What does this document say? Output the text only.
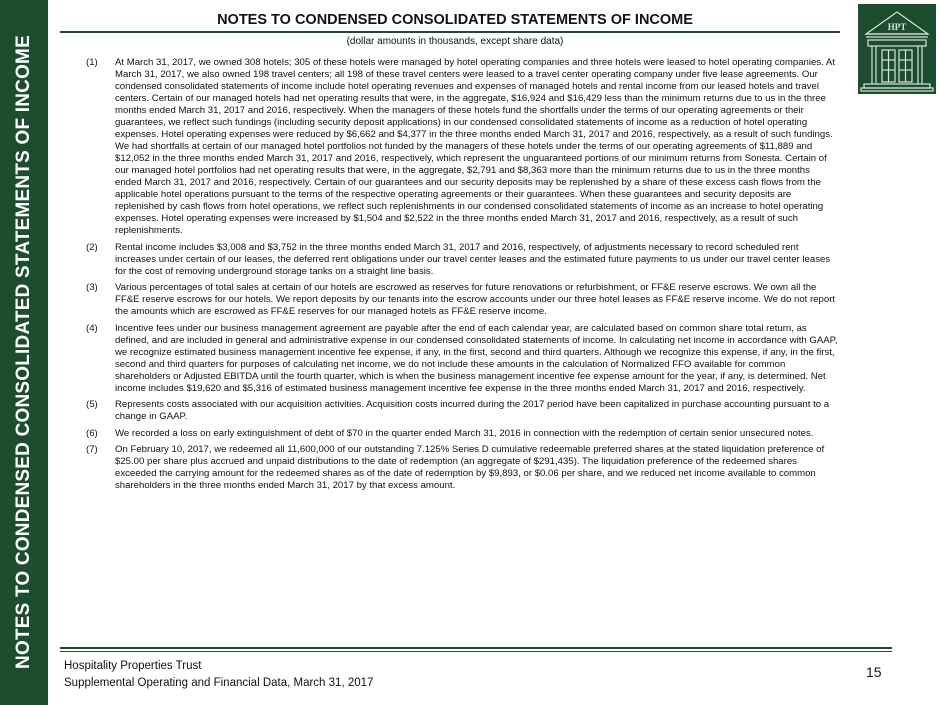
NOTES TO CONDENSED CONSOLIDATED STATEMENTS OF INCOME
NOTES TO CONDENSED CONSOLIDATED STATEMENTS OF INCOME
(dollar amounts in thousands, except share data)
HPT
(1)	At March 31, 2017, we owned 308 hotels; 305 of these hotels were managed by hotel operating companies and three hotels were leased to hotel operating companies. At March 31, 2017, we also owned 198 travel centers; all 198 of these travel centers were leased to a travel center operating company under five lease agreements. Our condensed consolidated statements of income include hotel operating revenues and expenses of managed hotels and rental income from our leased hotels and travel centers. Certain of our managed hotels had net operating results that were, in the aggregate, $16,924 and $16,429 less than the minimum returns due to us in the three months ended March 31, 2017 and 2016, respectively. When the managers of these hotels fund the shortfalls under the terms of our operating agreements or their guarantees, we reflect such fundings (including security deposit applications) in our condensed consolidated statements of income as a reduction of hotel operating expenses. Hotel operating expenses were reduced by $6,662 and $4,377 in the three months ended March 31, 2017 and 2016, respectively, as a result of such fundings. We had shortfalls at certain of our managed hotel portfolios not funded by the managers of these hotels under the terms of our operating agreements of $11,889 and $12,052 in the three months ended March 31, 2017 and 2016, respectively, which represent the unguaranteed portions of our minimum returns from Sonesta. Certain of our managed hotel portfolios had net operating results that were, in the aggregate, $2,791 and $8,363 more than the minimum returns due to us in the three months ended March 31, 2017 and 2016, respectively. Certain of our guarantees and our security deposits may be replenished by a share of these excess cash flows from the applicable hotel operations pursuant to the terms of the respective operating agreements or their guarantees. When these guarantees and security deposits are replenished by cash flows from hotel operations, we reflect such replenishments in our condensed consolidated statements of income as an increase to hotel operating expenses. Hotel operating expenses were increased by $1,504 and $2,522 in the three months ended March 31, 2017 and 2016, respectively, as a result of such replenishments.
(2)	Rental income includes $3,008 and $3,752 in the three months ended March 31, 2017 and 2016, respectively, of adjustments necessary to record scheduled rent increases under certain of our leases, the deferred rent obligations under our travel center leases and the estimated future payments to us under our travel center leases for the cost of removing underground storage tanks on a straight line basis.
(3)	Various percentages of total sales at certain of our hotels are escrowed as reserves for future renovations or refurbishment, or FF&E reserve escrows. We own all the FF&E reserve escrows for our hotels. We report deposits by our tenants into the escrow accounts under our three hotel leases as FF&E reserve income. We do not report the amounts which are escrowed as FF&E reserves for our managed hotels as FF&E reserve income.
(4)	Incentive fees under our business management agreement are payable after the end of each calendar year, are calculated based on common share total return, as defined, and are included in general and administrative expense in our condensed consolidated statements of income. In calculating net income in accordance with GAAP, we recognize estimated business management incentive fee expense, if any, in the first, second and third quarters. Although we recognize this expense, if any, in the first, second and third quarters for purposes of calculating net income, we do not include these amounts in the calculation of Normalized FFO available for common shareholders or Adjusted EBITDA until the fourth quarter, which is when the business management incentive fee expense amount for the year, if any, is determined. Net income includes $19,620 and $5,316 of estimated business management incentive fee expense in the three months ended March 31, 2017 and 2016, respectively.
(5)	Represents costs associated with our acquisition activities. Acquisition costs incurred during the 2017 period have been capitalized in purchase accounting pursuant to a change in GAAP.
(6)	We recorded a loss on early extinguishment of debt of $70 in the quarter ended March 31, 2016 in connection with the redemption of certain senior unsecured notes.
(7)	On February 10, 2017, we redeemed all 11,600,000 of our outstanding 7.125% Series D cumulative redeemable preferred shares at the stated liquidation preference of $25.00 per share plus accrued and unpaid distributions to the date of redemption (an aggregate of $291,435). The liquidation preference of the redeemed shares exceeded the carrying amount for the redeemed shares as of the date of redemption by $9,893, or $0.06 per share, and we reduced net income available to common shareholders in the three months ended March 31, 2017 by that excess amount.
Hospitality Properties Trust
Supplemental Operating and Financial Data, March 31, 2017
15
